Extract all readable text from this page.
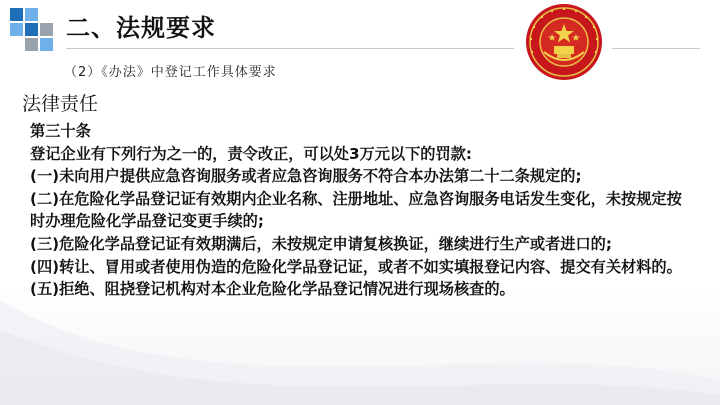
二、法规要求
（2）《办法》中登记工作具体要求
法律责任

第三十条

登记企业有下列行为之一的，责令改正，可以处3万元以下的罚款:

(一)未向用户提供应急咨询服务或者应急咨询服务不符合本办法第二十二条规定的;

(二)在危险化学品登记证有效期内企业名称、注册地址、应急咨询服务电话发生变化，未按规定按时办理危险化学品登记变更手续的;

(三)危险化学品登记证有效期满后，未按规定申请复核换证，继续进行生产或者进口的;

(四)转让、冒用或者使用伪造的危险化学品登记证，或者不如实填报登记内容、提交有关材料的。

(五)拒绝、阻挠登记机构对本企业危险化学品登记情况进行现场核查的。
